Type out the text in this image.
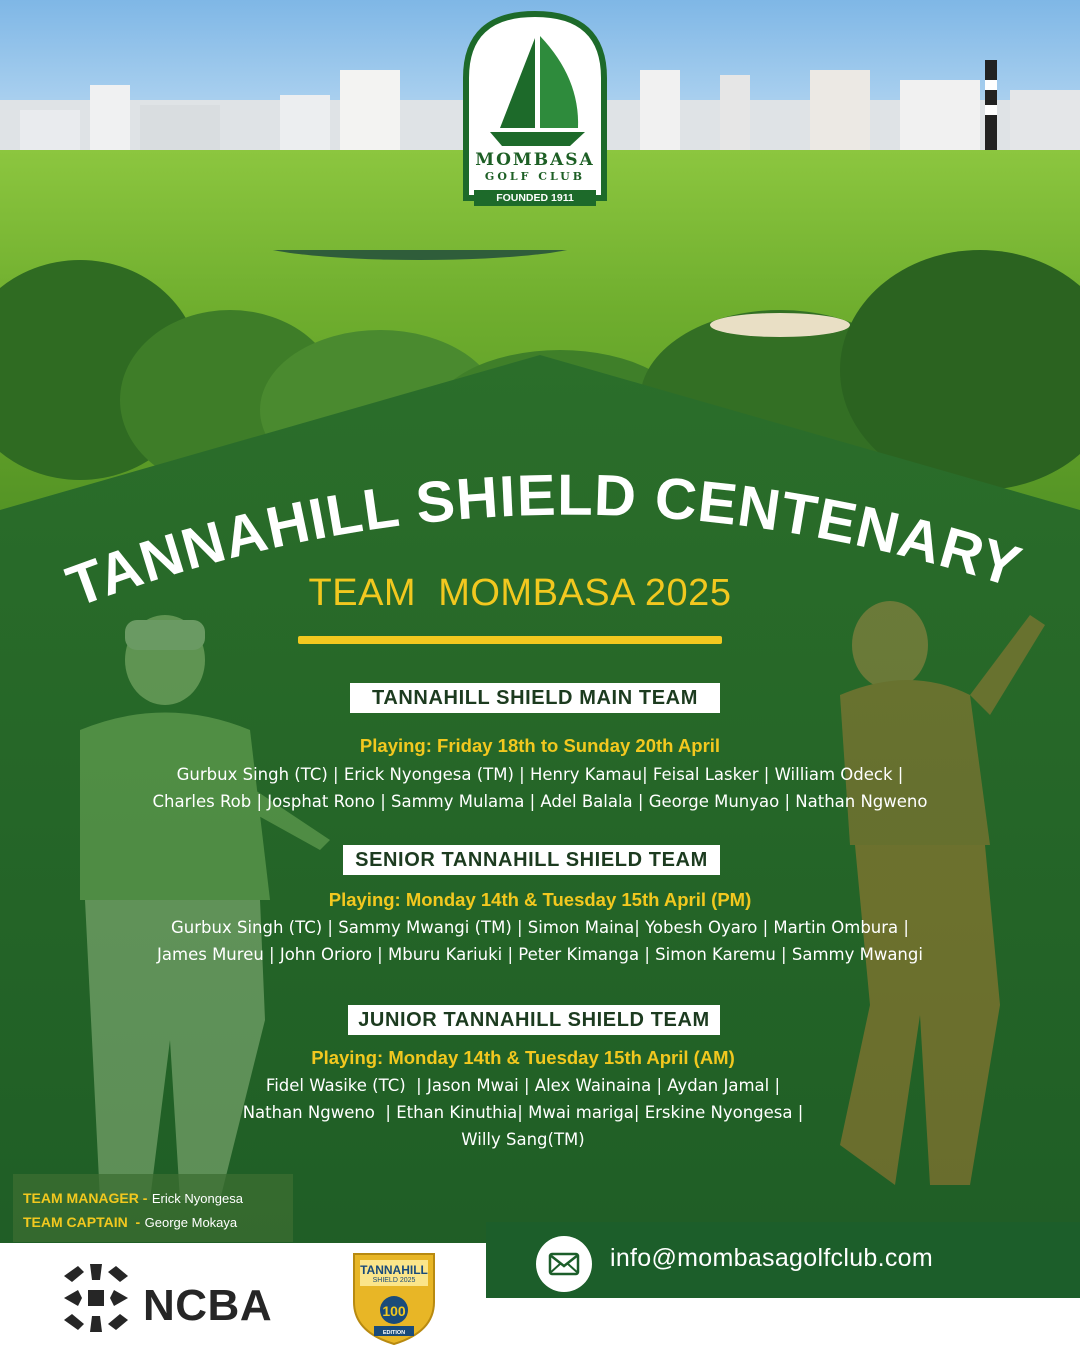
MOMBASA
GOLF CLUB
FOUNDED 1911
TANNAHILL SHIELD CENTENARY
TEAM  MOMBASA 2025
TANNAHILL SHIELD MAIN TEAM
Playing: Friday 18th to Sunday 20th April
Gurbux Singh (TC) | Erick Nyongesa (TM) | Henry Kamau| Feisal Lasker | William Odeck |
Charles Rob | Josphat Rono | Sammy Mulama | Adel Balala | George Munyao | Nathan Ngweno
SENIOR TANNAHILL SHIELD TEAM
Playing: Monday 14th & Tuesday 15th April (PM)
Gurbux Singh (TC) | Sammy Mwangi (TM) | Simon Maina| Yobesh Oyaro | Martin Ombura |
James Mureu | John Orioro | Mburu Kariuki | Peter Kimanga | Simon Karemu | Sammy Mwangi
JUNIOR TANNAHILL SHIELD TEAM
Playing: Monday 14th & Tuesday 15th April (AM)
Fidel Wasike (TC)  | Jason Mwai | Alex Wainaina | Aydan Jamal |
Nathan Ngweno  | Ethan Kinuthia| Mwai mariga| Erskine Nyongesa |
Willy Sang(TM)
TEAM MANAGER - Erick Nyongesa
TEAM CAPTAIN  - George Mokaya
NCBA	100
TANNAHILL
SHIELD 2025
EDITION
info@mombasagolfclub.com
